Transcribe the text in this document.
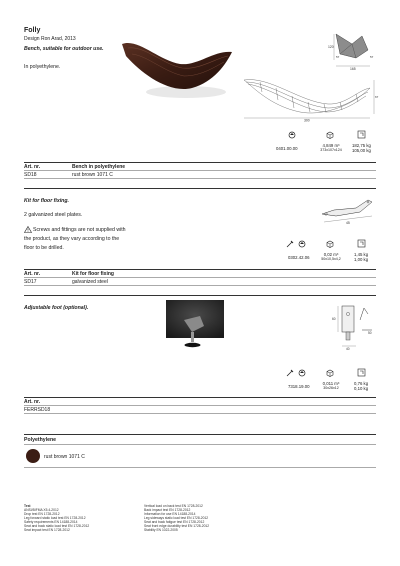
Folly
Design Ron Arad, 2013
Bench, suitable for outdoor use.
In polyethylene.
120
165
57	57
300
67
0401.00.00
4,849 m³
373x107x124
182,75 kg
105,00 kg
Art. nr.	Bench in polyethylene
SD18	rust brown 1071 C
Kit for floor fixing.
2 galvanized steel plates.
Screws and fittings are not supplied with
the product, as they vary according to the
floor to be drilled.
45
0302.42.06
0,02 m³
50x10,5x4,2
1,45 kg
1,00 kg
Art. nr.	Kit for floor fixing
SD17	galvanized steel
Adjustable foot (optional).
60
50
40
7318.19.00
0,011 m³
30x26x12
0,76 kg
0,10 kg
Art. nr.
FERRSD18
Polyethylene
rust brown 1071 C
Test
ANSI/BIFMA X5.4-2012
Drop test EN 1728-2012
Leg forward static load test EN 1728-2012
Safety requirements EN 14188-2014
Seat and back static load test EN 1728-2012
Seat impact test EN 1728-2012
Vertical load on back test EN 1728-2012
Back impact test EN 1728-2012
Information for use EN 14188-2014
Leg sideways static load test EN 1728-2012
Seat and back fatigue test EN 1728-2012
Seat front edge durability test EN 1728-2012
Stability EN 1022-2005
